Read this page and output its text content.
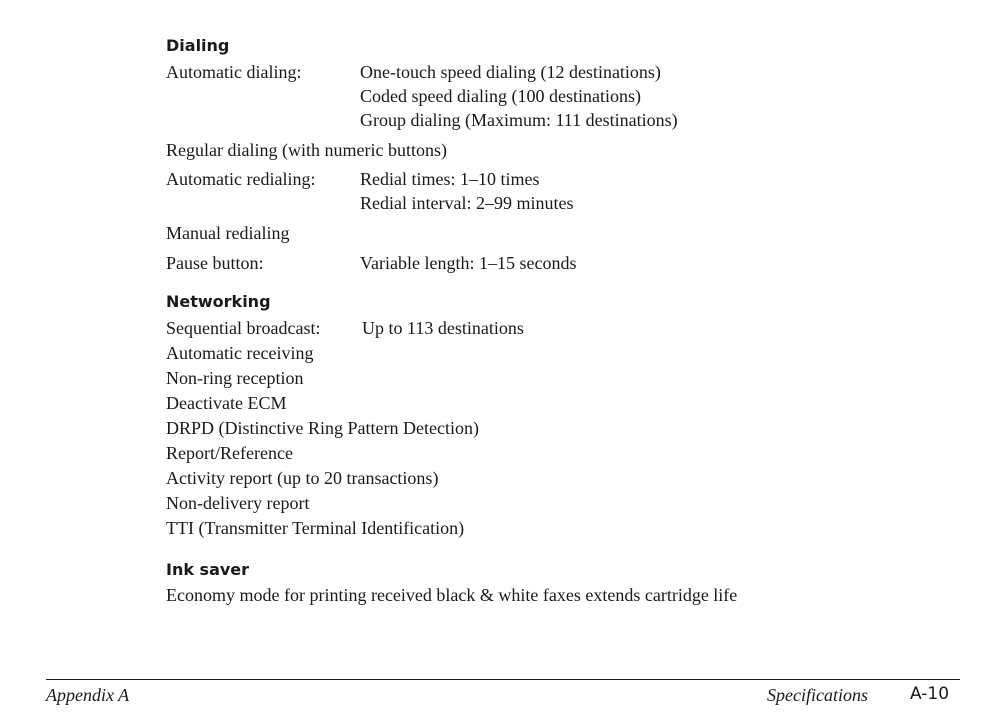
Dialing
Automatic dialing:	One-touch speed dialing (12 destinations)
Coded speed dialing (100 destinations)
Group dialing (Maximum: 111 destinations)
Regular dialing (with numeric buttons)
Automatic redialing: Redial times: 1–10 times
Redial interval: 2–99 minutes
Manual redialing
Pause button:	Variable length: 1–15 seconds
Networking
Sequential broadcast: Up to 113 destinations
Automatic receiving
Non-ring reception
Deactivate ECM
DRPD (Distinctive Ring Pattern Detection)
Report/Reference
Activity report (up to 20 transactions)
Non-delivery report
TTI (Transmitter Terminal Identification)
Ink saver
Economy mode for printing received black & white faxes extends cartridge life
Appendix A	Specifications A-10
